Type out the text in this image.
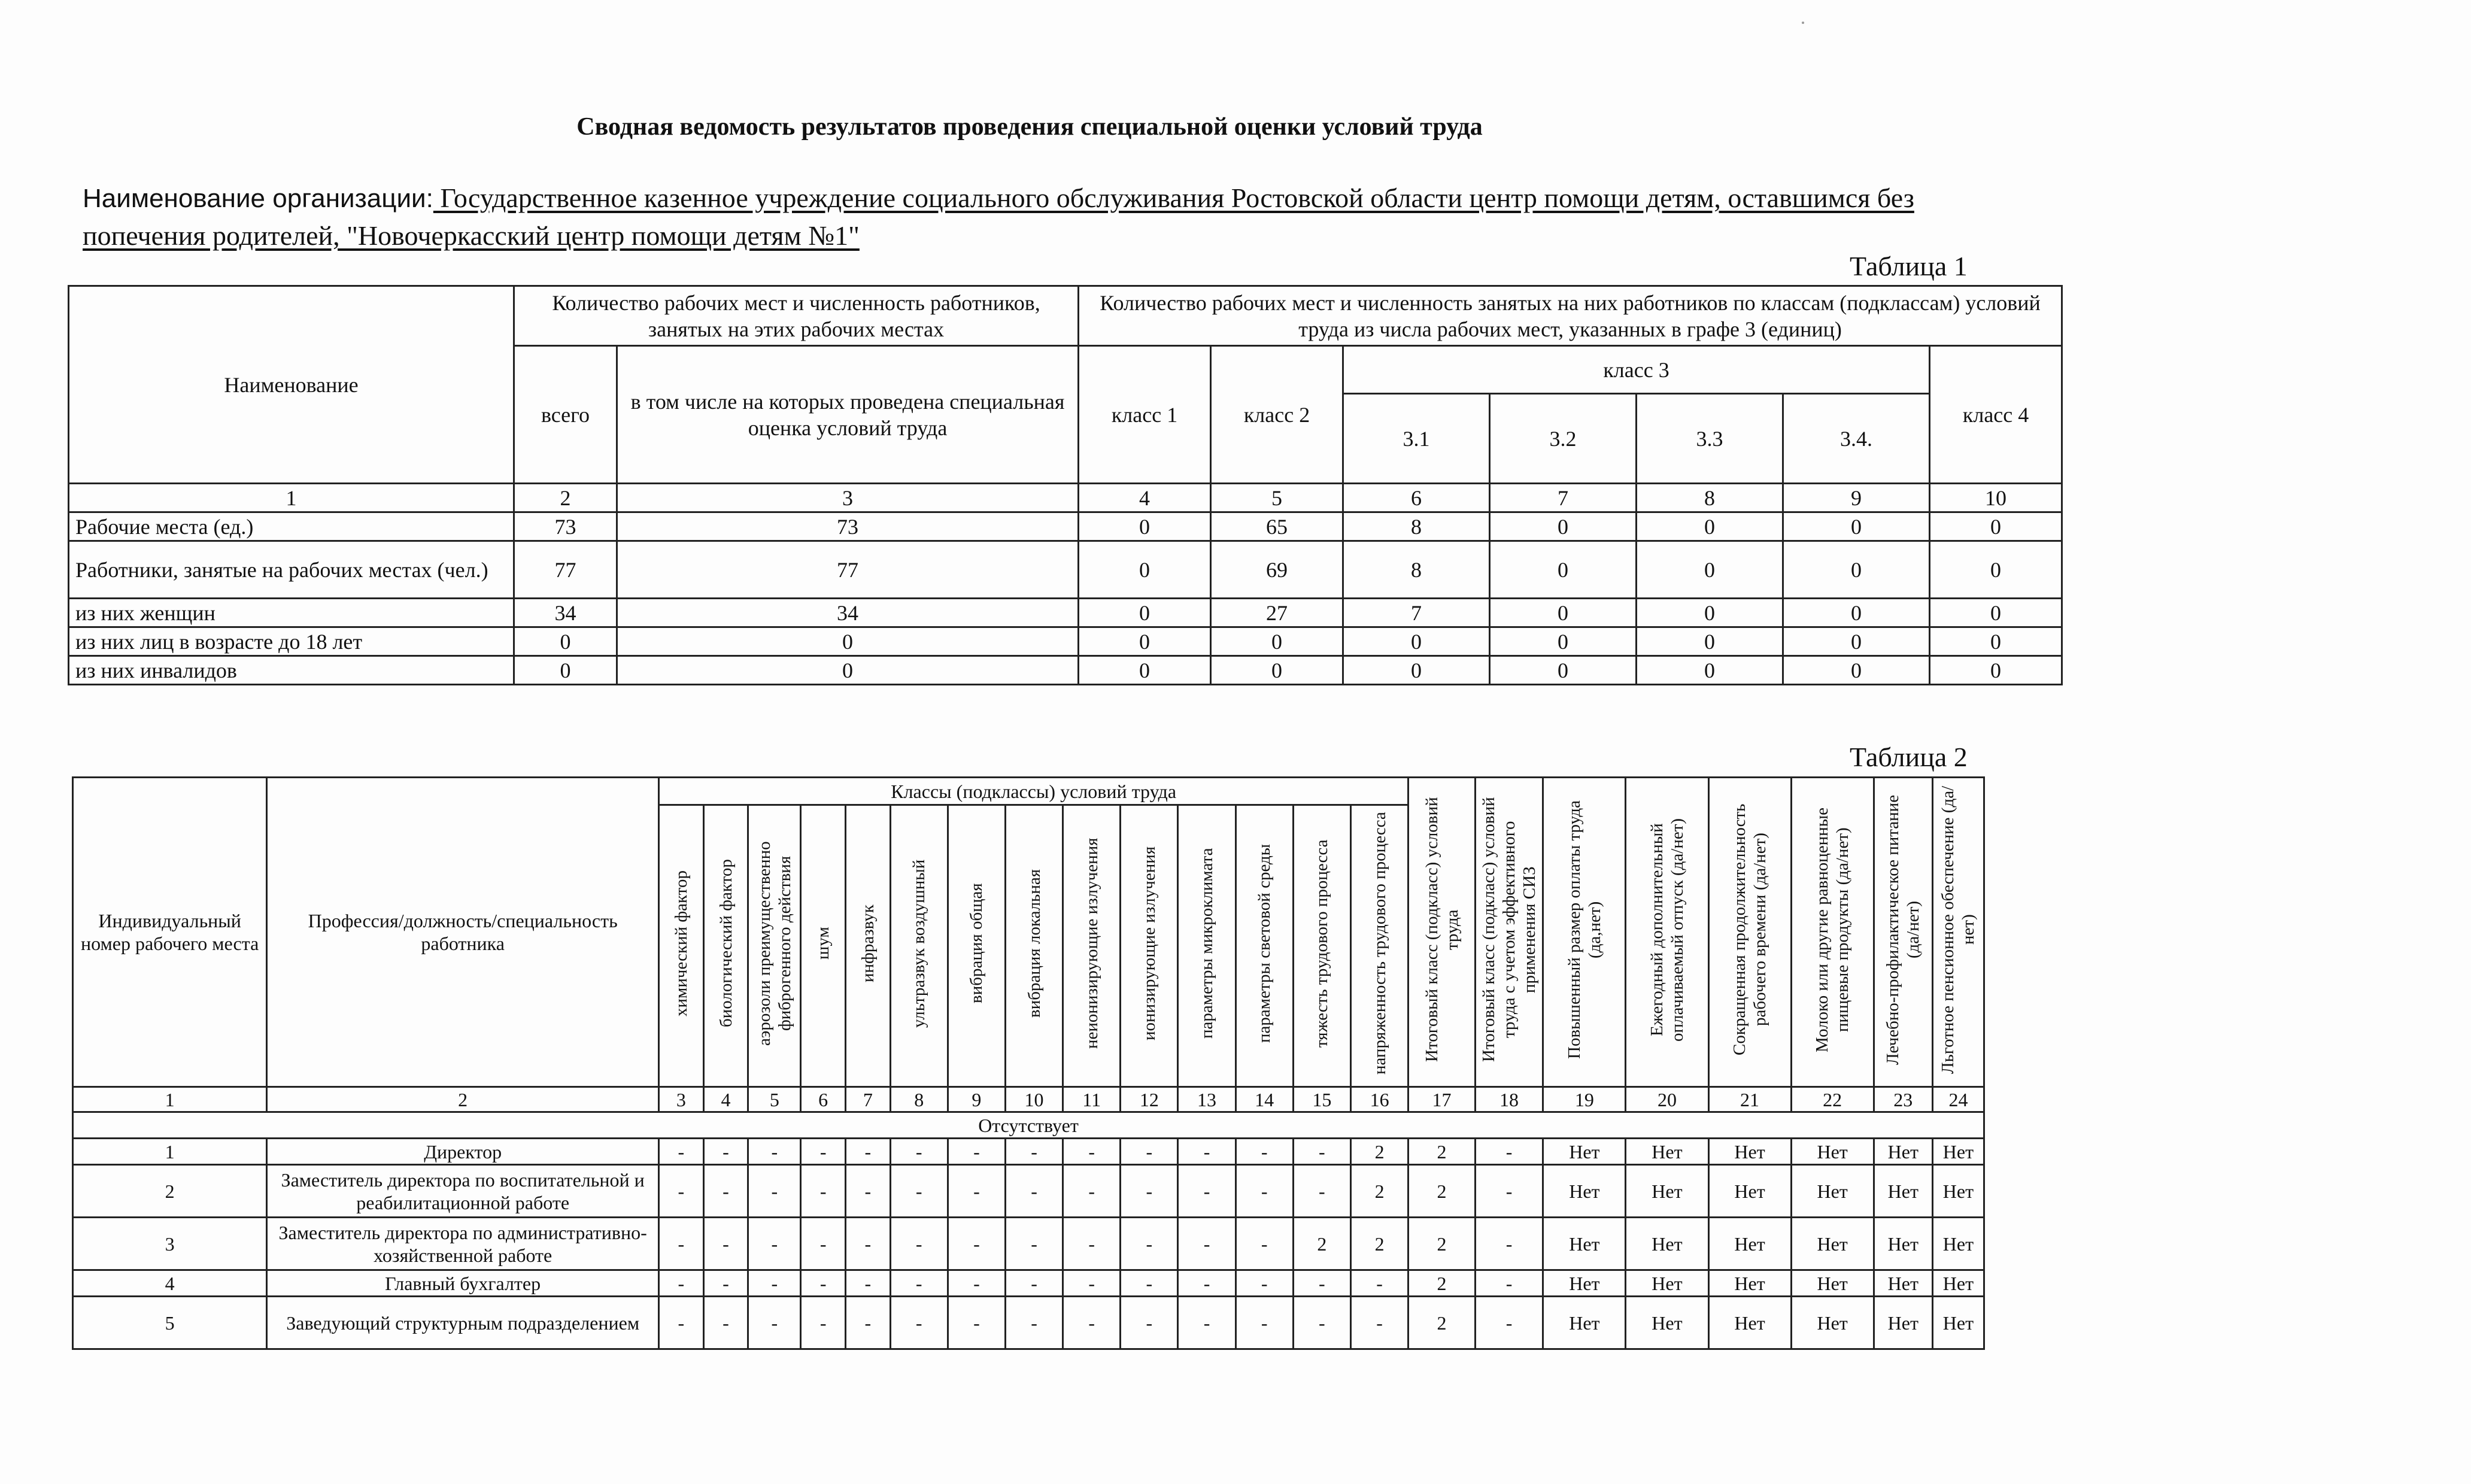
Сводная ведомость результатов проведения специальной оценки условий труда
Наименование организации: Государственное казенное учреждение социального обслуживания Ростовской области центр помощи детям, оставшимся без попечения родителей, "Новочеркасский центр помощи детям №1"
Таблица 1
Наименование	Количество рабочих мест и численность работников, занятых на этих рабочих местах		Количество рабочих мест и численность занятых на них работников по классам (подклассам) условий труда из числа рабочих мест, указанных в графе 3 (единиц)						
	всего	в том числе на которых проведена специальная оценка условий труда	класс 1	класс 2	класс 3				класс 4
					3.1	3.2	3.3	3.4.	
1	2	3	4	5	6	7	8	9	10
Рабочие места (ед.)	73	73	0	65	8	0	0	0	0
Работники, занятые на рабочих местах (чел.)	77	77	0	69	8	0	0	0	0
из них женщин	34	34	0	27	7	0	0	0	0
из них лиц в возрасте до 18 лет	0	0	0	0	0	0	0	0	0
из них инвалидов	0	0	0	0	0	0	0	0	0
Таблица 2
Индивидуальный номер рабочего места	Профессия/должность/специальность работника	Классы (подклассы) условий труда														Итоговый класс (подкласс) условий труда	Итоговый класс (подкласс) условий труда с учетом эффективного применения СИЗ	Повышенный размер оплаты труда (да,нет)	Ежегодный дополнительный оплачиваемый отпуск (да/нет)	Сокращенная продолжительность рабочего времени (да/нет)	Молоко или другие равноценные пищевые продукты (да/нет)	Лечебно-профилактическое питание (да/нет)	Льготное пенсионное обеспечение (да/нет)
		химический фактор	биологический фактор	аэрозоли преимущественно фиброгенного действия	шум	инфразвук	ультразвук воздушный	вибрация общая	вибрация локальная	неионизирующие излучения	ионизирующие излучения	параметры микроклимата	параметры световой среды	тяжесть трудового процесса	напряженность трудового процесса								
1	2	3	4	5	6	7	8	9	10	11	12	13	14	15	16	17	18	19	20	21	22	23	24
Отсутствует																							
1	Директор	-	-	-	-	-	-	-	-	-	-	-	-	-	2	2	-	Нет	Нет	Нет	Нет	Нет	Нет
2	Заместитель директора по воспитательной и реабилитационной работе	-	-	-	-	-	-	-	-	-	-	-	-	-	2	2	-	Нет	Нет	Нет	Нет	Нет	Нет
3	Заместитель директора по административно- хозяйственной работе	-	-	-	-	-	-	-	-	-	-	-	-	2	2	2	-	Нет	Нет	Нет	Нет	Нет	Нет
4	Главный бухгалтер	-	-	-	-	-	-	-	-	-	-	-	-	-	-	2	-	Нет	Нет	Нет	Нет	Нет	Нет
5	Заведующий структурным подразделением	-	-	-	-	-	-	-	-	-	-	-	-	-	-	2	-	Нет	Нет	Нет	Нет	Нет	Нет
